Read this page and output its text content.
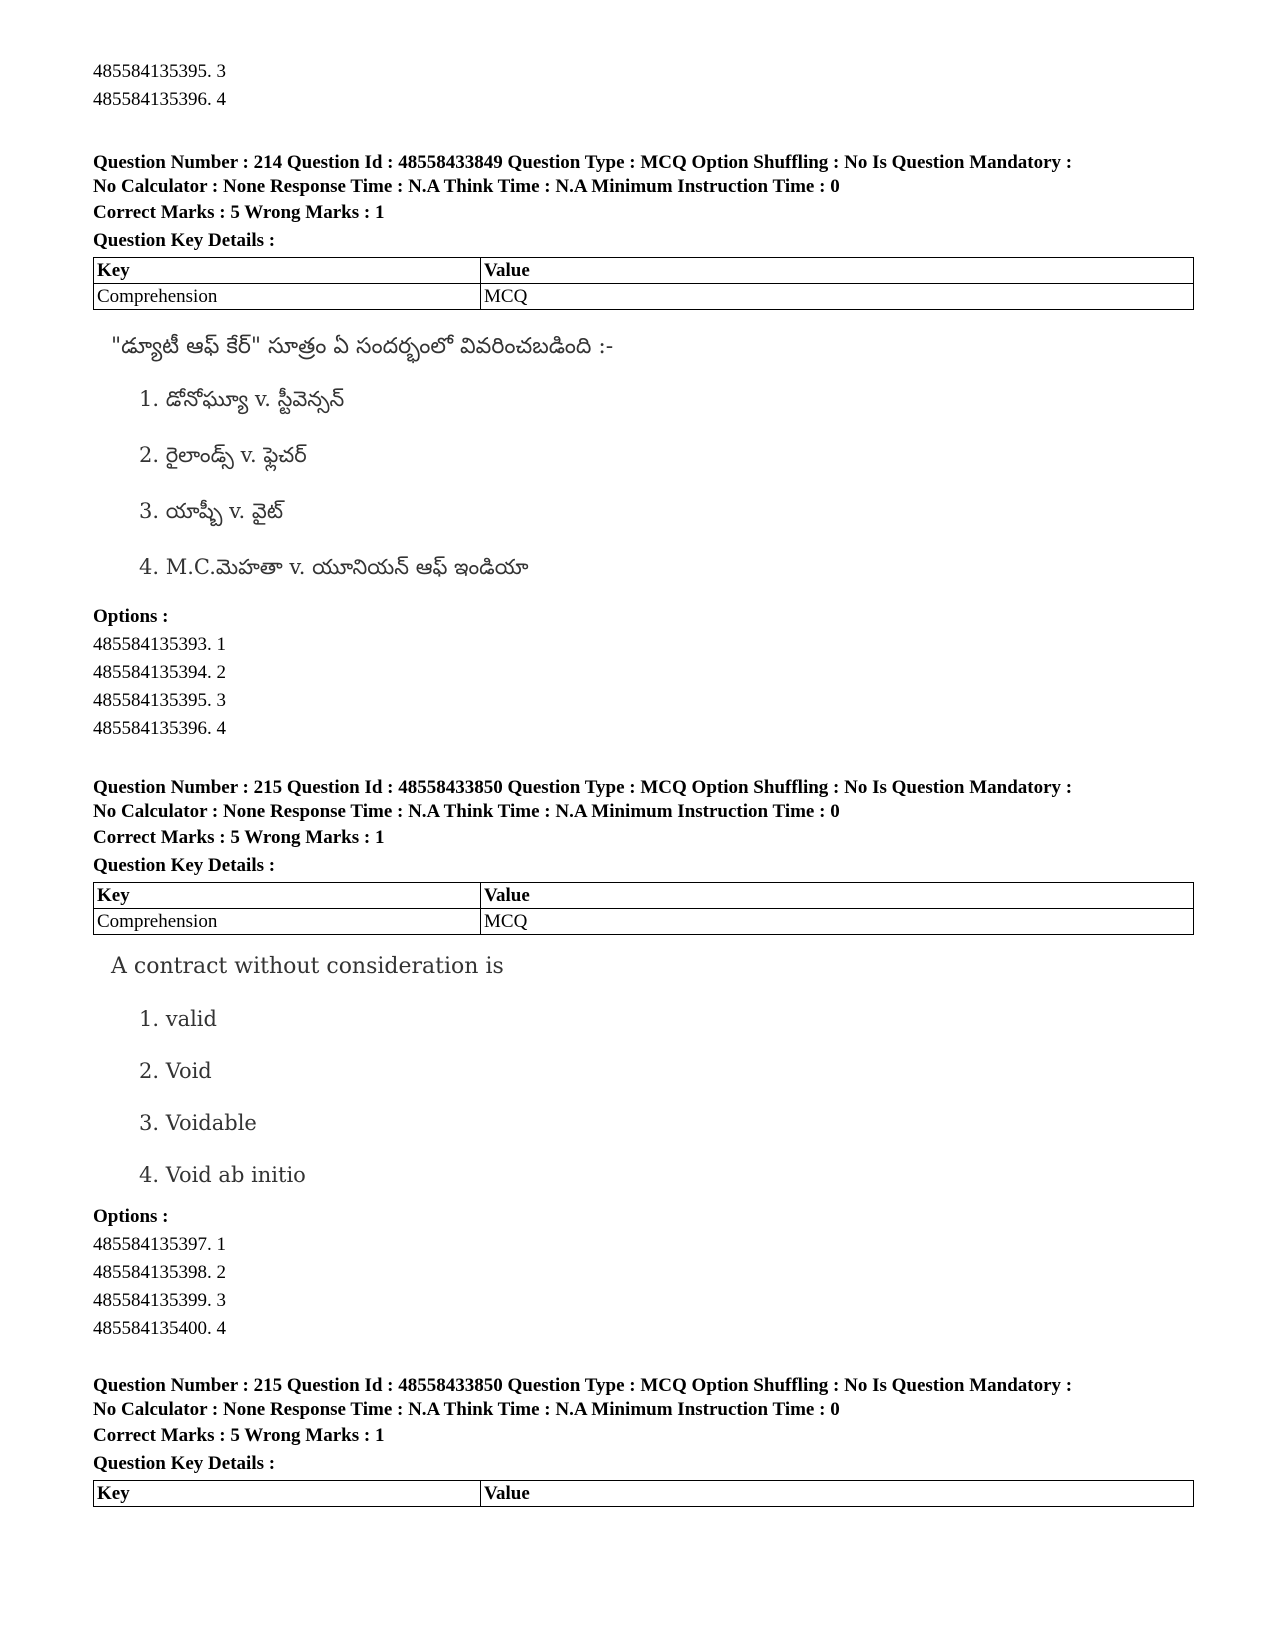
485584135395. 3
485584135396. 4
Question Number : 214 Question Id : 48558433849 Question Type : MCQ Option Shuffling : No Is Question Mandatory :
No Calculator : None Response Time : N.A Think Time : N.A Minimum Instruction Time : 0
Correct Marks : 5 Wrong Marks : 1
Question Key Details :
Key	Value
Comprehension	MCQ
"డ్యూటీ ఆఫ్ కేర్" సూత్రం ఏ సందర్భంలో వివరించబడింది :-
1. డోనోఘ్యూ v. స్టీవెన్సన్
2. రైలాండ్స్ v. ఫ్లెచర్
3. యాష్బీ v. వైట్
4. M.C.మెహతా v. యూనియన్ ఆఫ్ ఇండియా
Options :
485584135393. 1
485584135394. 2
485584135395. 3
485584135396. 4
Question Number : 215 Question Id : 48558433850 Question Type : MCQ Option Shuffling : No Is Question Mandatory :
No Calculator : None Response Time : N.A Think Time : N.A Minimum Instruction Time : 0
Correct Marks : 5 Wrong Marks : 1
Question Key Details :
Key	Value
Comprehension	MCQ
A contract without consideration is
1. valid
2. Void
3. Voidable
4. Void ab initio
Options :
485584135397. 1
485584135398. 2
485584135399. 3
485584135400. 4
Question Number : 215 Question Id : 48558433850 Question Type : MCQ Option Shuffling : No Is Question Mandatory :
No Calculator : None Response Time : N.A Think Time : N.A Minimum Instruction Time : 0
Correct Marks : 5 Wrong Marks : 1
Question Key Details :
Key	Value
